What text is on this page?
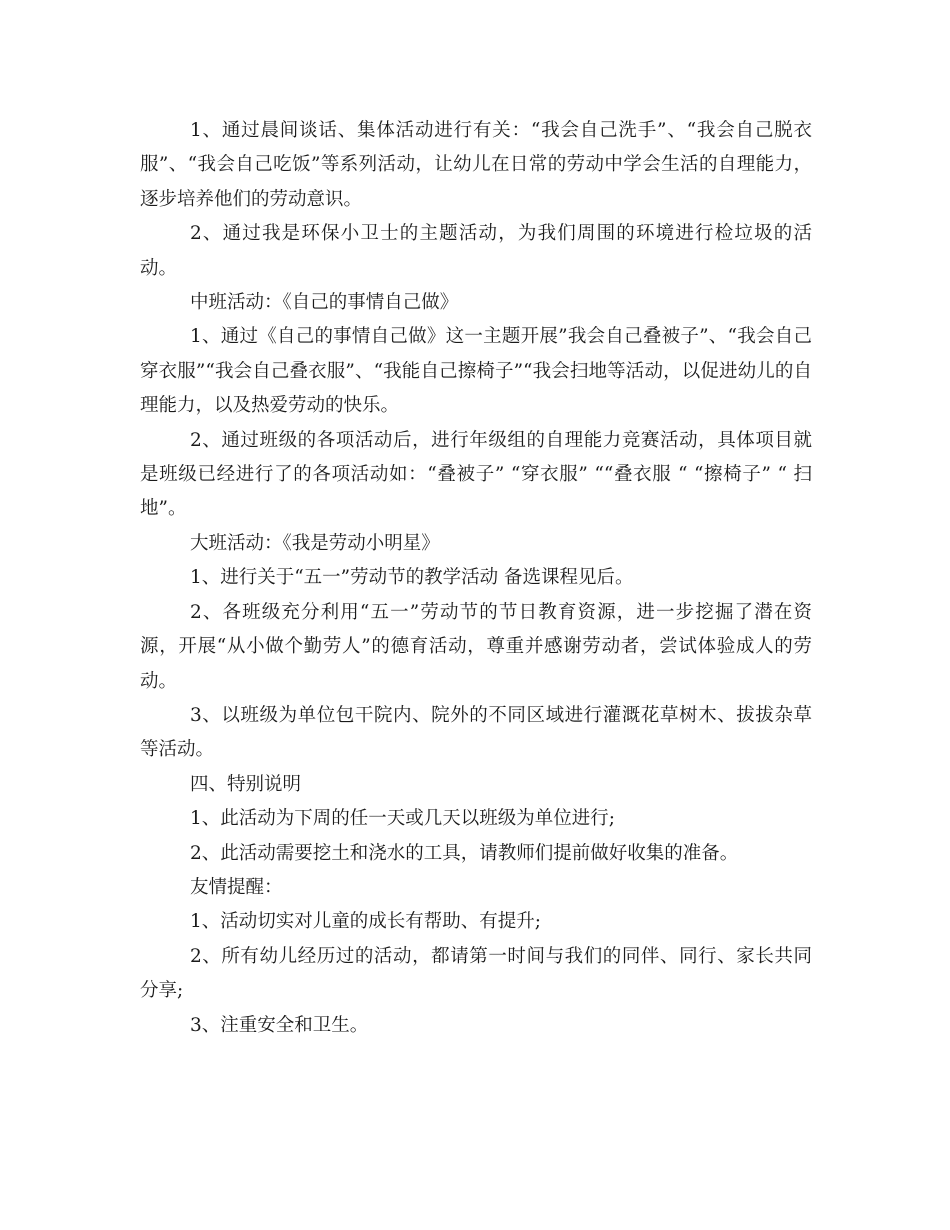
1、通过晨间谈话、集体活动进行有关：“我会自己洗手”、“我会自己脱衣服”、“我会自己吃饭”等系列活动，让幼儿在日常的劳动中学会生活的自理能力，逐步培养他们的劳动意识。

2、通过我是环保小卫士的主题活动，为我们周围的环境进行检垃圾的活动。

中班活动：《自己的事情自己做》

1、通过《自己的事情自己做》这一主题开展”我会自己叠被子”、“我会自己穿衣服”“我会自己叠衣服”、“我能自己擦椅子”“我会扫地等活动，以促进幼儿的自理能力，以及热爱劳动的快乐。

2、通过班级的各项活动后，进行年级组的自理能力竞赛活动，具体项目就是班级已经进行了的各项活动如：“叠被子” “穿衣服” ““叠衣服 “ “擦椅子” “ 扫地”。

大班活动：《我是劳动小明星》

1、进行关于“五一”劳动节的教学活动 备选课程见后。

2、各班级充分利用“五一”劳动节的节日教育资源，进一步挖掘了潜在资源，开展“从小做个勤劳人”的德育活动，尊重并感谢劳动者，尝试体验成人的劳动。

3、以班级为单位包干院内、院外的不同区域进行灌溉花草树木、拔拔杂草等活动。

四、特别说明

1、此活动为下周的任一天或几天以班级为单位进行;

2、此活动需要挖土和浇水的工具，请教师们提前做好收集的准备。

友情提醒：

1、活动切实对儿童的成长有帮助、有提升;

2、所有幼儿经历过的活动，都请第一时间与我们的同伴、同行、家长共同分享;

3、注重安全和卫生。
